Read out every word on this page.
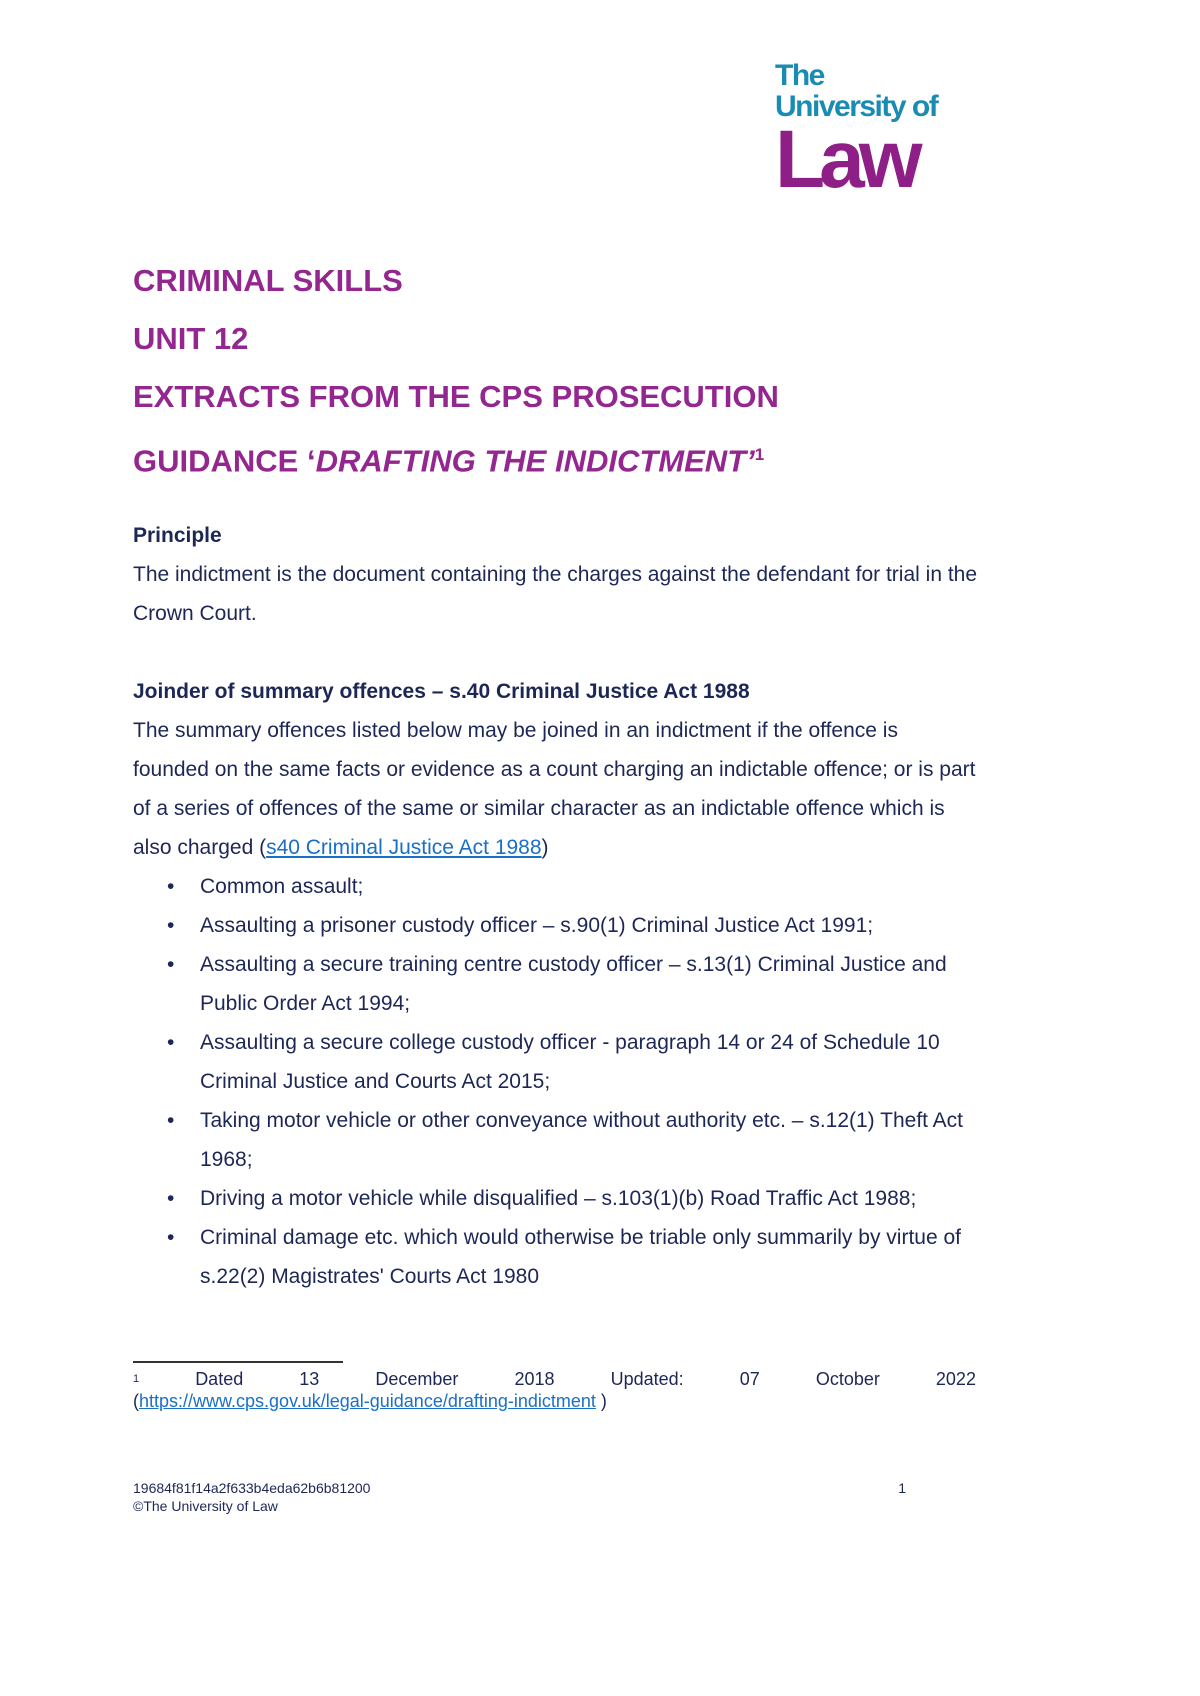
The
University of
Law
CRIMINAL SKILLS
UNIT 12
EXTRACTS FROM THE CPS PROSECUTION
GUIDANCE ‘DRAFTING THE INDICTMENT’$^1$

Principle

The indictment is the document containing the charges against the defendant for trial in the Crown Court.

Joinder of summary offences – s.40 Criminal Justice Act 1988

The summary offences listed below may be joined in an indictment if the offence is founded on the same facts or evidence as a count charging an indictable offence; or is part of a series of offences of the same or similar character as an indictable offence which is also charged (s40 Criminal Justice Act 1988)

• Common assault;
• Assaulting a prisoner custody officer – s.90(1) Criminal Justice Act 1991;
• Assaulting a secure training centre custody officer – s.13(1) Criminal Justice and Public Order Act 1994;
• Assaulting a secure college custody officer - paragraph 14 or 24 of Schedule 10 Criminal Justice and Courts Act 2015;
• Taking motor vehicle or other conveyance without authority etc. – s.12(1) Theft Act 1968;
• Driving a motor vehicle while disqualified – s.103(1)(b) Road Traffic Act 1988;
• Criminal damage etc. which would otherwise be triable only summarily by virtue of s.22(2) Magistrates' Courts Act 1980
1	Dated	13	December	2018	Updated:	07	October	2022
(https://www.cps.gov.uk/legal-guidance/drafting-indictment )
19684f81f14a2f633b4eda62b6b81200
©The University of Law
1
